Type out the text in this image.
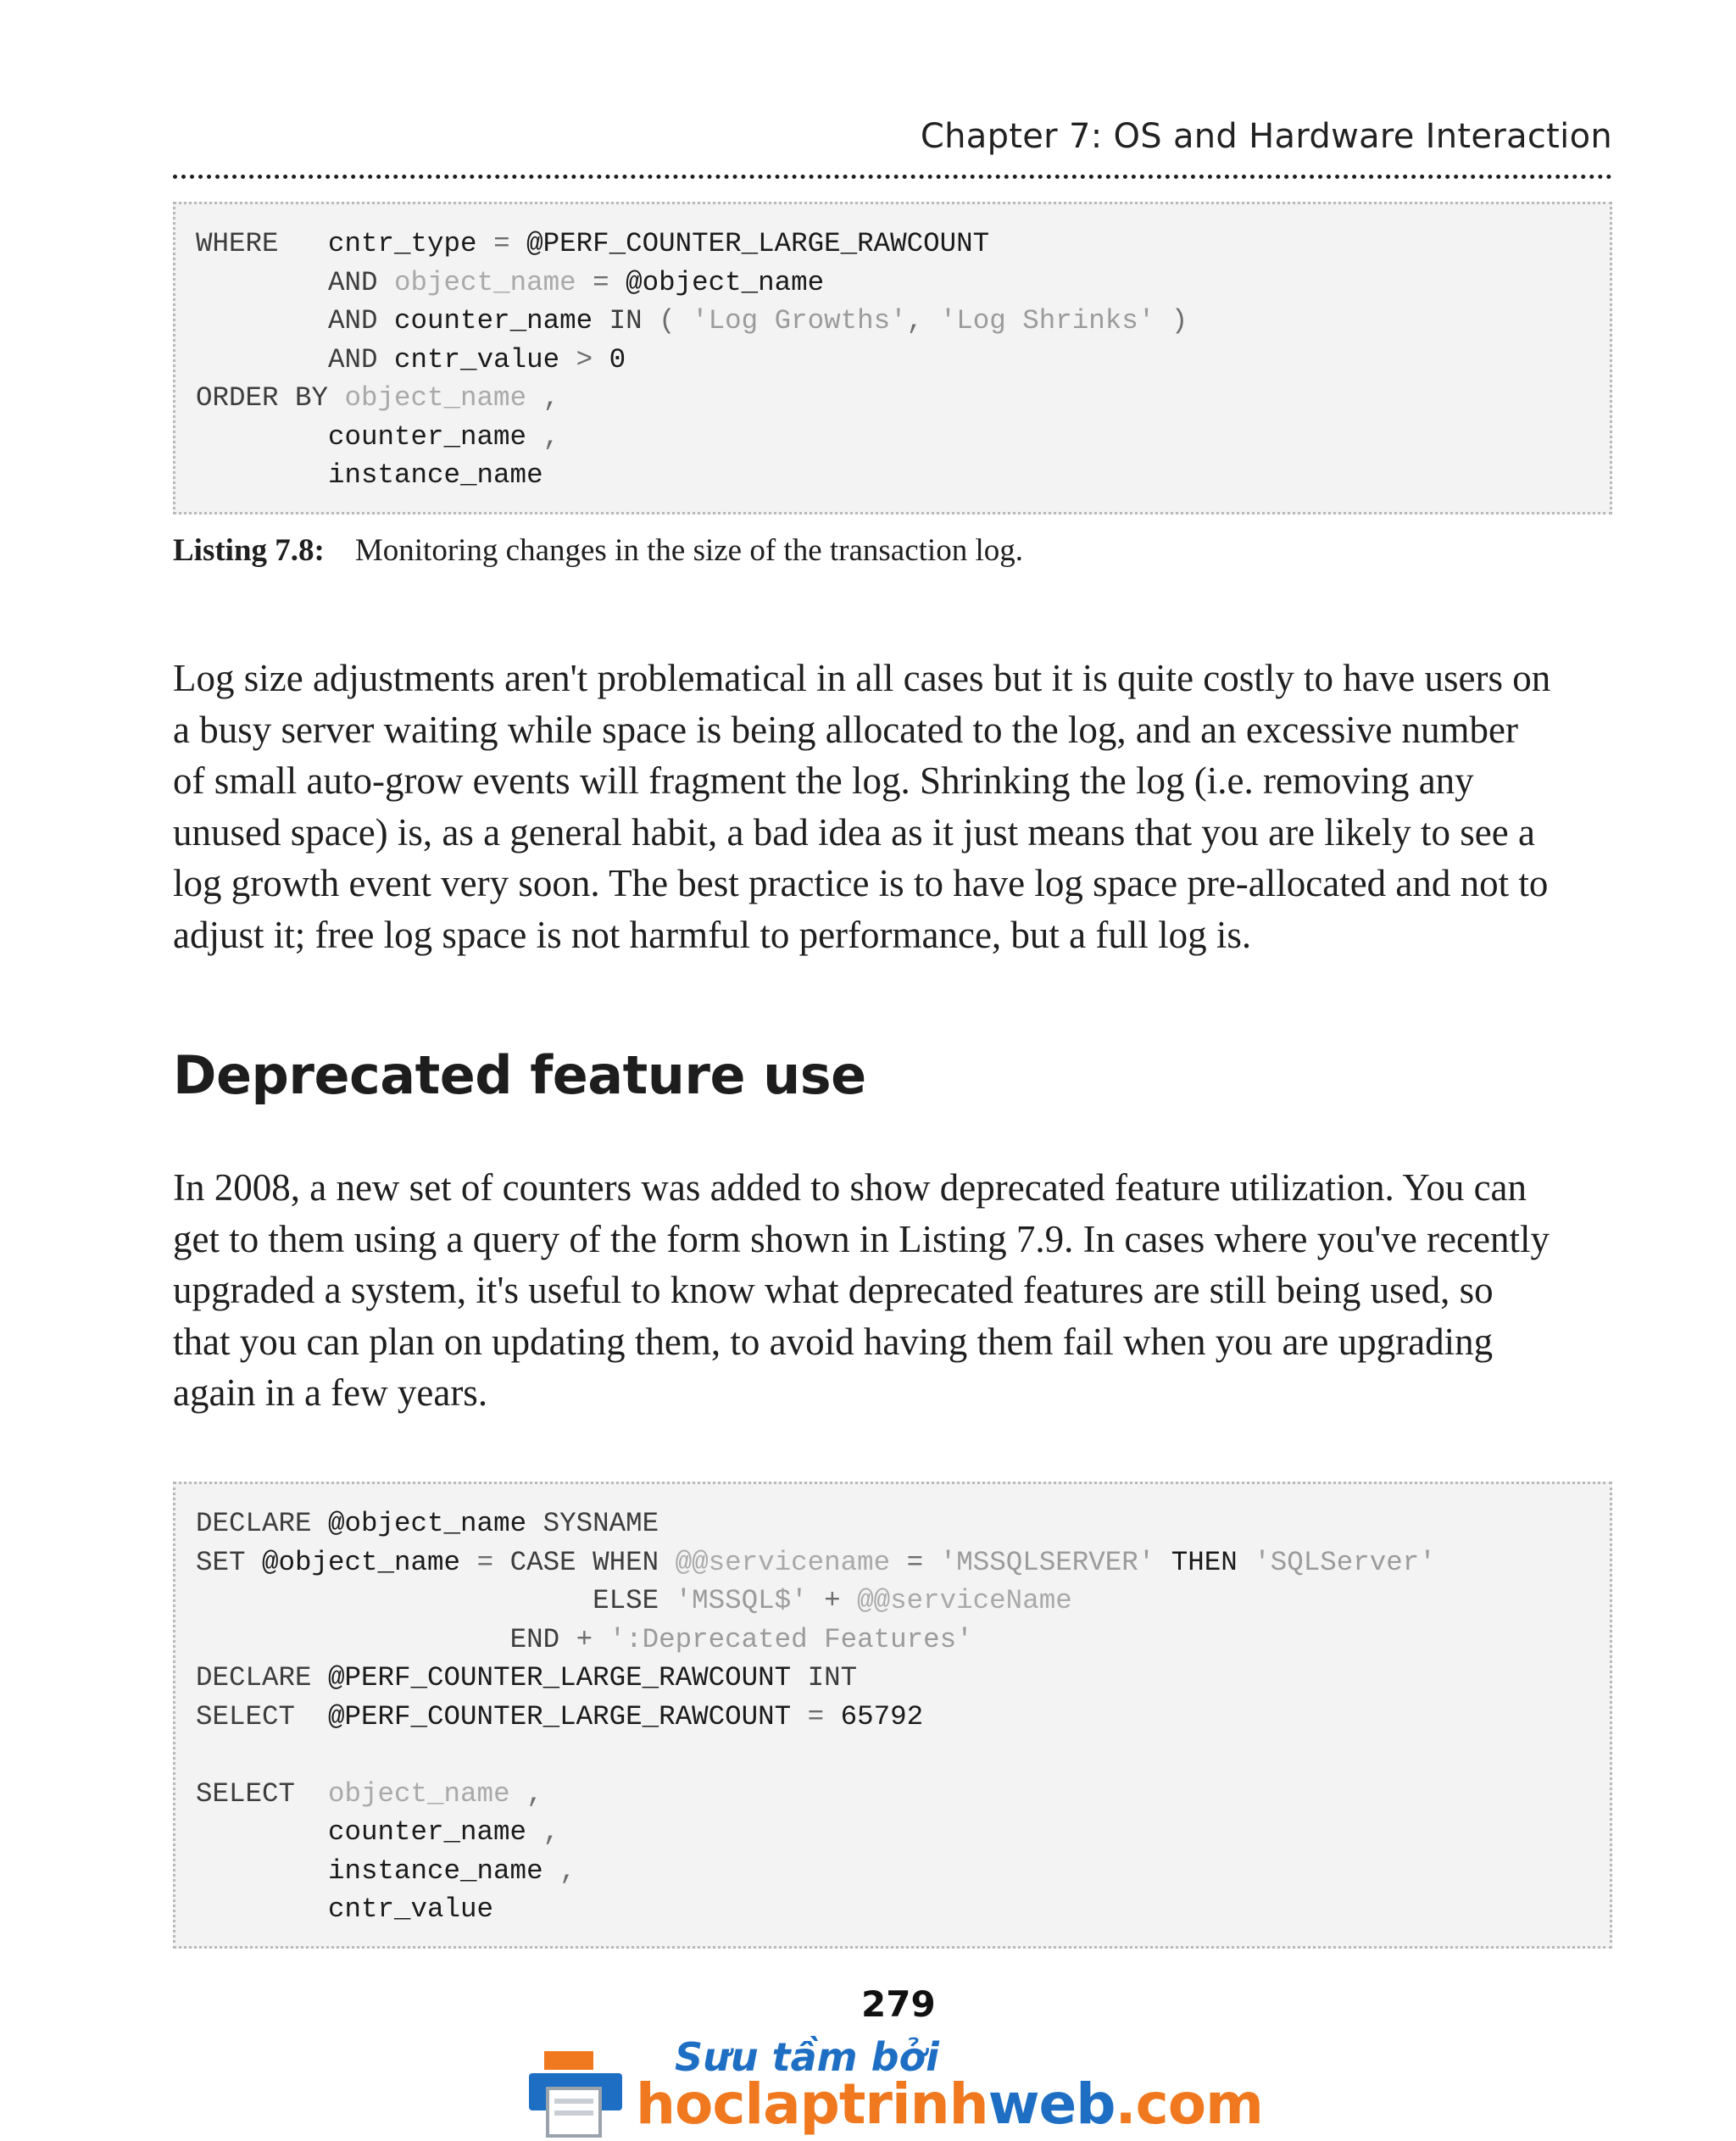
Chapter 7: OS and Hardware Interaction
WHERE   cntr_type = @PERF_COUNTER_LARGE_RAWCOUNT
AND object_name = @object_name
AND counter_name IN ( 'Log Growths', 'Log Shrinks' )
AND cntr_value > 0
ORDER BY object_name ,
counter_name ,
instance_name
Listing 7.8: Monitoring changes in the size of the transaction log.
Log size adjustments aren't problematical in all cases but it is quite costly to have users on
a busy server waiting while space is being allocated to the log, and an excessive number
of small auto-grow events will fragment the log. Shrinking the log (i.e. removing any
unused space) is, as a general habit, a bad idea as it just means that you are likely to see a
log growth event very soon. The best practice is to have log space pre-allocated and not to
adjust it; free log space is not harmful to performance, but a full log is.
Deprecated feature use
In 2008, a new set of counters was added to show deprecated feature utilization. You can
get to them using a query of the form shown in Listing 7.9. In cases where you've recently
upgraded a system, it's useful to know what deprecated features are still being used, so
that you can plan on updating them, to avoid having them fail when you are upgrading
again in a few years.
DECLARE @object_name SYSNAME
SET @object_name = CASE WHEN @@servicename = 'MSSQLSERVER' THEN 'SQLServer'
ELSE 'MSSQL$' + @@serviceName
END + ':Deprecated Features'
DECLARE @PERF_COUNTER_LARGE_RAWCOUNT INT
SELECT  @PERF_COUNTER_LARGE_RAWCOUNT = 65792
SELECT  object_name ,
counter_name ,
instance_name ,
cntr_value
279
Sưu tầm bởi
hoclaptrinhweb.com
